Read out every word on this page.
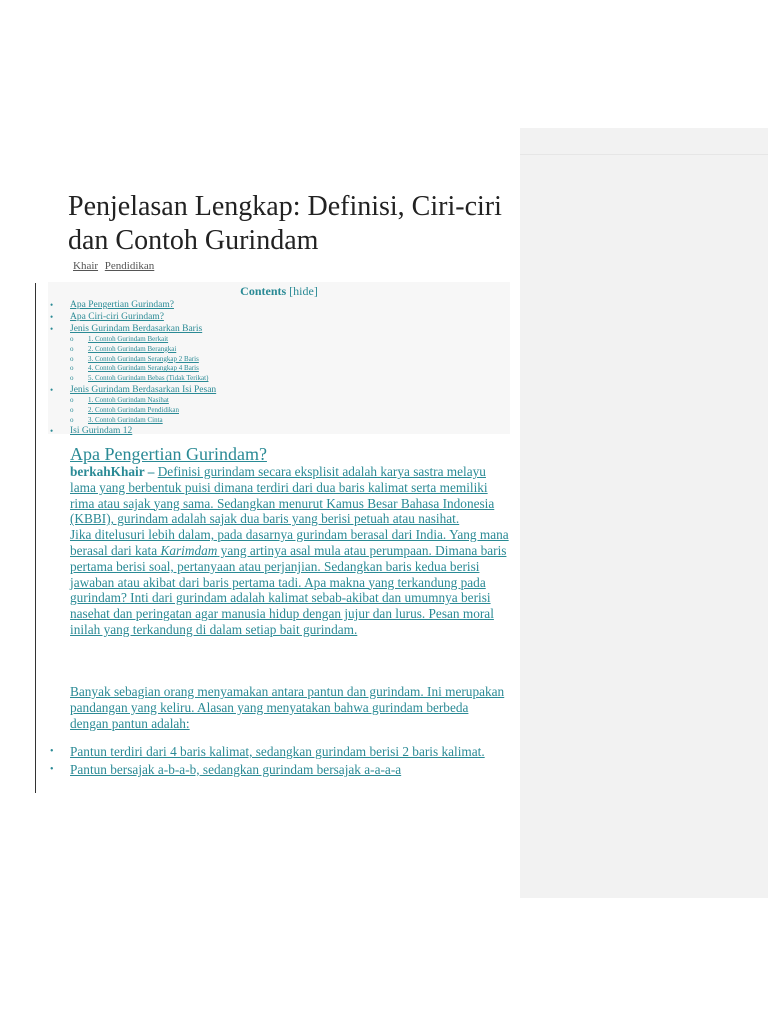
Penjelasan Lengkap: Definisi, Ciri-ciri dan Contoh Gurindam
Khair Pendidikan
Contents [hide]
• Apa Pengertian Gurindam?
• Apa Ciri-ciri Gurindam?
• Jenis Gurindam Berdasarkan Baris
o 1. Contoh Gurindam Berkait
o 2. Contoh Gurindam Berangkai
o 3. Contoh Gurindam Serangkap 2 Baris
o 4. Contoh Gurindam Serangkap 4 Baris
o 5. Contoh Gurindam Bebas (Tidak Terikat)
• Jenis Gurindam Berdasarkan Isi Pesan
o 1. Contoh Gurindam Nasihat
o 2. Contoh Gurindam Pendidikan
o 3. Contoh Gurindam Cinta
• Isi Gurindam 12
Apa Pengertian Gurindam?

berkahKhair – Definisi gurindam secara eksplisit adalah karya sastra melayu lama yang berbentuk puisi dimana terdiri dari dua baris kalimat serta memiliki rima atau sajak yang sama. Sedangkan menurut Kamus Besar Bahasa Indonesia (KBBI), gurindam adalah sajak dua baris yang berisi petuah atau nasihat.
Jika ditelusuri lebih dalam, pada dasarnya gurindam berasal dari India. Yang mana berasal dari kata Karimdam yang artinya asal mula atau perumpaan. Dimana baris pertama berisi soal, pertanyaan atau perjanjian. Sedangkan baris kedua berisi jawaban atau akibat dari baris pertama tadi. Apa makna yang terkandung pada gurindam? Inti dari gurindam adalah kalimat sebab-akibat dan umumnya berisi nasehat dan peringatan agar manusia hidup dengan jujur dan lurus. Pesan moral inilah yang terkandung di dalam setiap bait gurindam.

Banyak sebagian orang menyamakan antara pantun dan gurindam. Ini merupakan pandangan yang keliru. Alasan yang menyatakan bahwa gurindam berbeda dengan pantun adalah:

• Pantun terdiri dari 4 baris kalimat, sedangkan gurindam berisi 2 baris kalimat.
• Pantun bersajak a-b-a-b, sedangkan gurindam bersajak a-a-a-a
